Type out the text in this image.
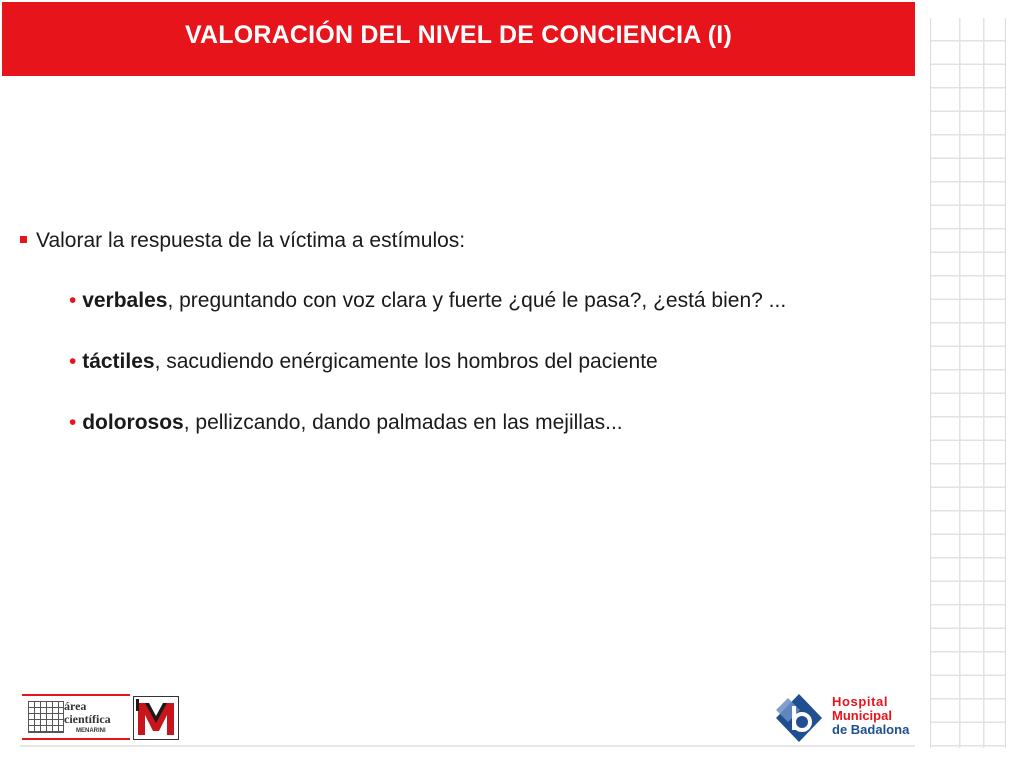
VALORACIÓN DEL NIVEL DE CONCIENCIA (I)
Valorar la respuesta de la víctima a estímulos:
• verbales, preguntando con voz clara y fuerte ¿qué le pasa?, ¿está bien? ...
• táctiles, sacudiendo enérgicamente los hombros del paciente
• dolorosos, pellizcando, dando palmadas en las mejillas...
área
científica
MENARINI
Hospital
Municipal
de Badalona
